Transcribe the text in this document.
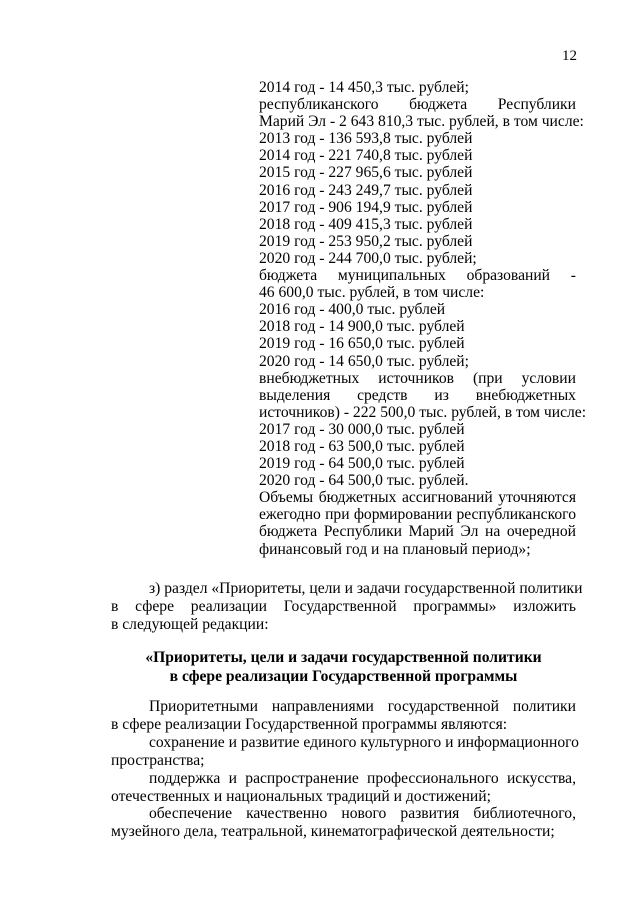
12
2014 год - 14 450,3 тыс. рублей;
республиканского бюджета Республики
Марий Эл - 2 643 810,3 тыс. рублей, в том числе:
2013 год - 136 593,8 тыс. рублей
2014 год - 221 740,8 тыс. рублей
2015 год - 227 965,6 тыс. рублей
2016 год - 243 249,7 тыс. рублей
2017 год - 906 194,9 тыс. рублей
2018 год - 409 415,3 тыс. рублей
2019 год - 253 950,2 тыс. рублей
2020 год - 244 700,0 тыс. рублей;
бюджета муниципальных образований -
46 600,0 тыс. рублей, в том числе:
2016 год - 400,0 тыс. рублей
2018 год - 14 900,0 тыс. рублей
2019 год - 16 650,0 тыс. рублей
2020 год - 14 650,0 тыс. рублей;
внебюджетных источников (при условии
выделения средств из внебюджетных
источников) - 222 500,0 тыс. рублей, в том числе:
2017 год - 30 000,0 тыс. рублей
2018 год - 63 500,0 тыс. рублей
2019 год - 64 500,0 тыс. рублей
2020 год - 64 500,0 тыс. рублей.
Объемы бюджетных ассигнований уточняются
ежегодно при формировании республиканского
бюджета Республики Марий Эл на очередной
финансовый год и на плановый период»;
з) раздел «Приоритеты, цели и задачи государственной политики
в сфере реализации Государственной программы» изложить
в следующей редакции:
«Приоритеты, цели и задачи государственной политики
в сфере реализации Государственной программы
Приоритетными направлениями государственной политики
в сфере реализации Государственной программы являются:
сохранение и развитие единого культурного и информационного
пространства;
поддержка и распространение профессионального искусства,
отечественных и национальных традиций и достижений;
обеспечение качественно нового развития библиотечного,
музейного дела, театральной, кинематографической деятельности;
